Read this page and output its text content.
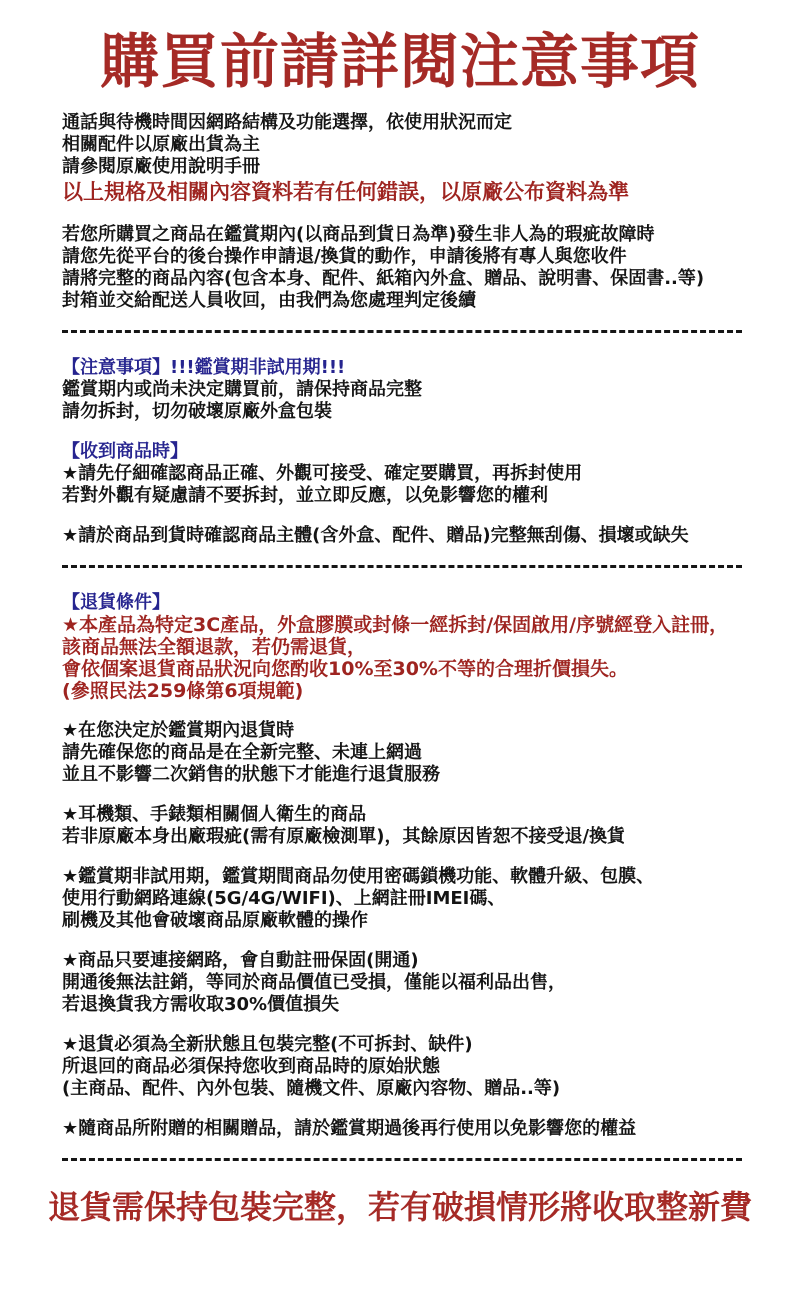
購買前請詳閱注意事項
通話與待機時間因網路結構及功能選擇，依使用狀況而定
相關配件以原廠出貨為主
請參閱原廠使用說明手冊
以上規格及相關內容資料若有任何錯誤，以原廠公布資料為準
若您所購買之商品在鑑賞期內(以商品到貨日為準)發生非人為的瑕疵故障時
請您先從平台的後台操作申請退/換貨的動作，申請後將有專人與您收件
請將完整的商品內容(包含本身、配件、紙箱內外盒、贈品、說明書、保固書..等)
封箱並交給配送人員收回，由我們為您處理判定後續
【注意事項】!!!鑑賞期非試用期!!!
鑑賞期内或尚未決定購買前，請保持商品完整
請勿拆封，切勿破壞原廠外盒包裝
【收到商品時】
★請先仔細確認商品正確、外觀可接受、確定要購買，再拆封使用
若對外觀有疑慮請不要拆封，並立即反應，以免影響您的權利
★請於商品到貨時確認商品主體(含外盒、配件、贈品)完整無刮傷、損壞或缺失
【退貨條件】
★本產品為特定3C產品，外盒膠膜或封條一經拆封/保固啟用/序號經登入註冊，
該商品無法全額退款，若仍需退貨，
會依個案退貨商品狀況向您酌收10%至30%不等的合理折價損失。
(參照民法259條第6項規範)
★在您決定於鑑賞期內退貨時
請先確保您的商品是在全新完整、未連上網過
並且不影響二次銷售的狀態下才能進行退貨服務
★耳機類、手錶類相關個人衛生的商品
若非原廠本身出廠瑕疵(需有原廠檢測單)，其餘原因皆恕不接受退/換貨
★鑑賞期非試用期，鑑賞期間商品勿使用密碼鎖機功能、軟體升級、包膜、
使用行動網路連線(5G/4G/WIFI)、上網註冊IMEI碼、
刷機及其他會破壞商品原廠軟體的操作
★商品只要連接網路，會自動註冊保固(開通)
開通後無法註銷，等同於商品價值已受損，僅能以福利品出售，
若退換貨我方需收取30%價值損失
★退貨必須為全新狀態且包裝完整(不可拆封、缺件)
所退回的商品必須保持您收到商品時的原始狀態
(主商品、配件、內外包裝、隨機文件、原廠內容物、贈品..等)
★隨商品所附贈的相關贈品，請於鑑賞期過後再行使用以免影響您的權益
退貨需保持包裝完整，若有破損情形將收取整新費
